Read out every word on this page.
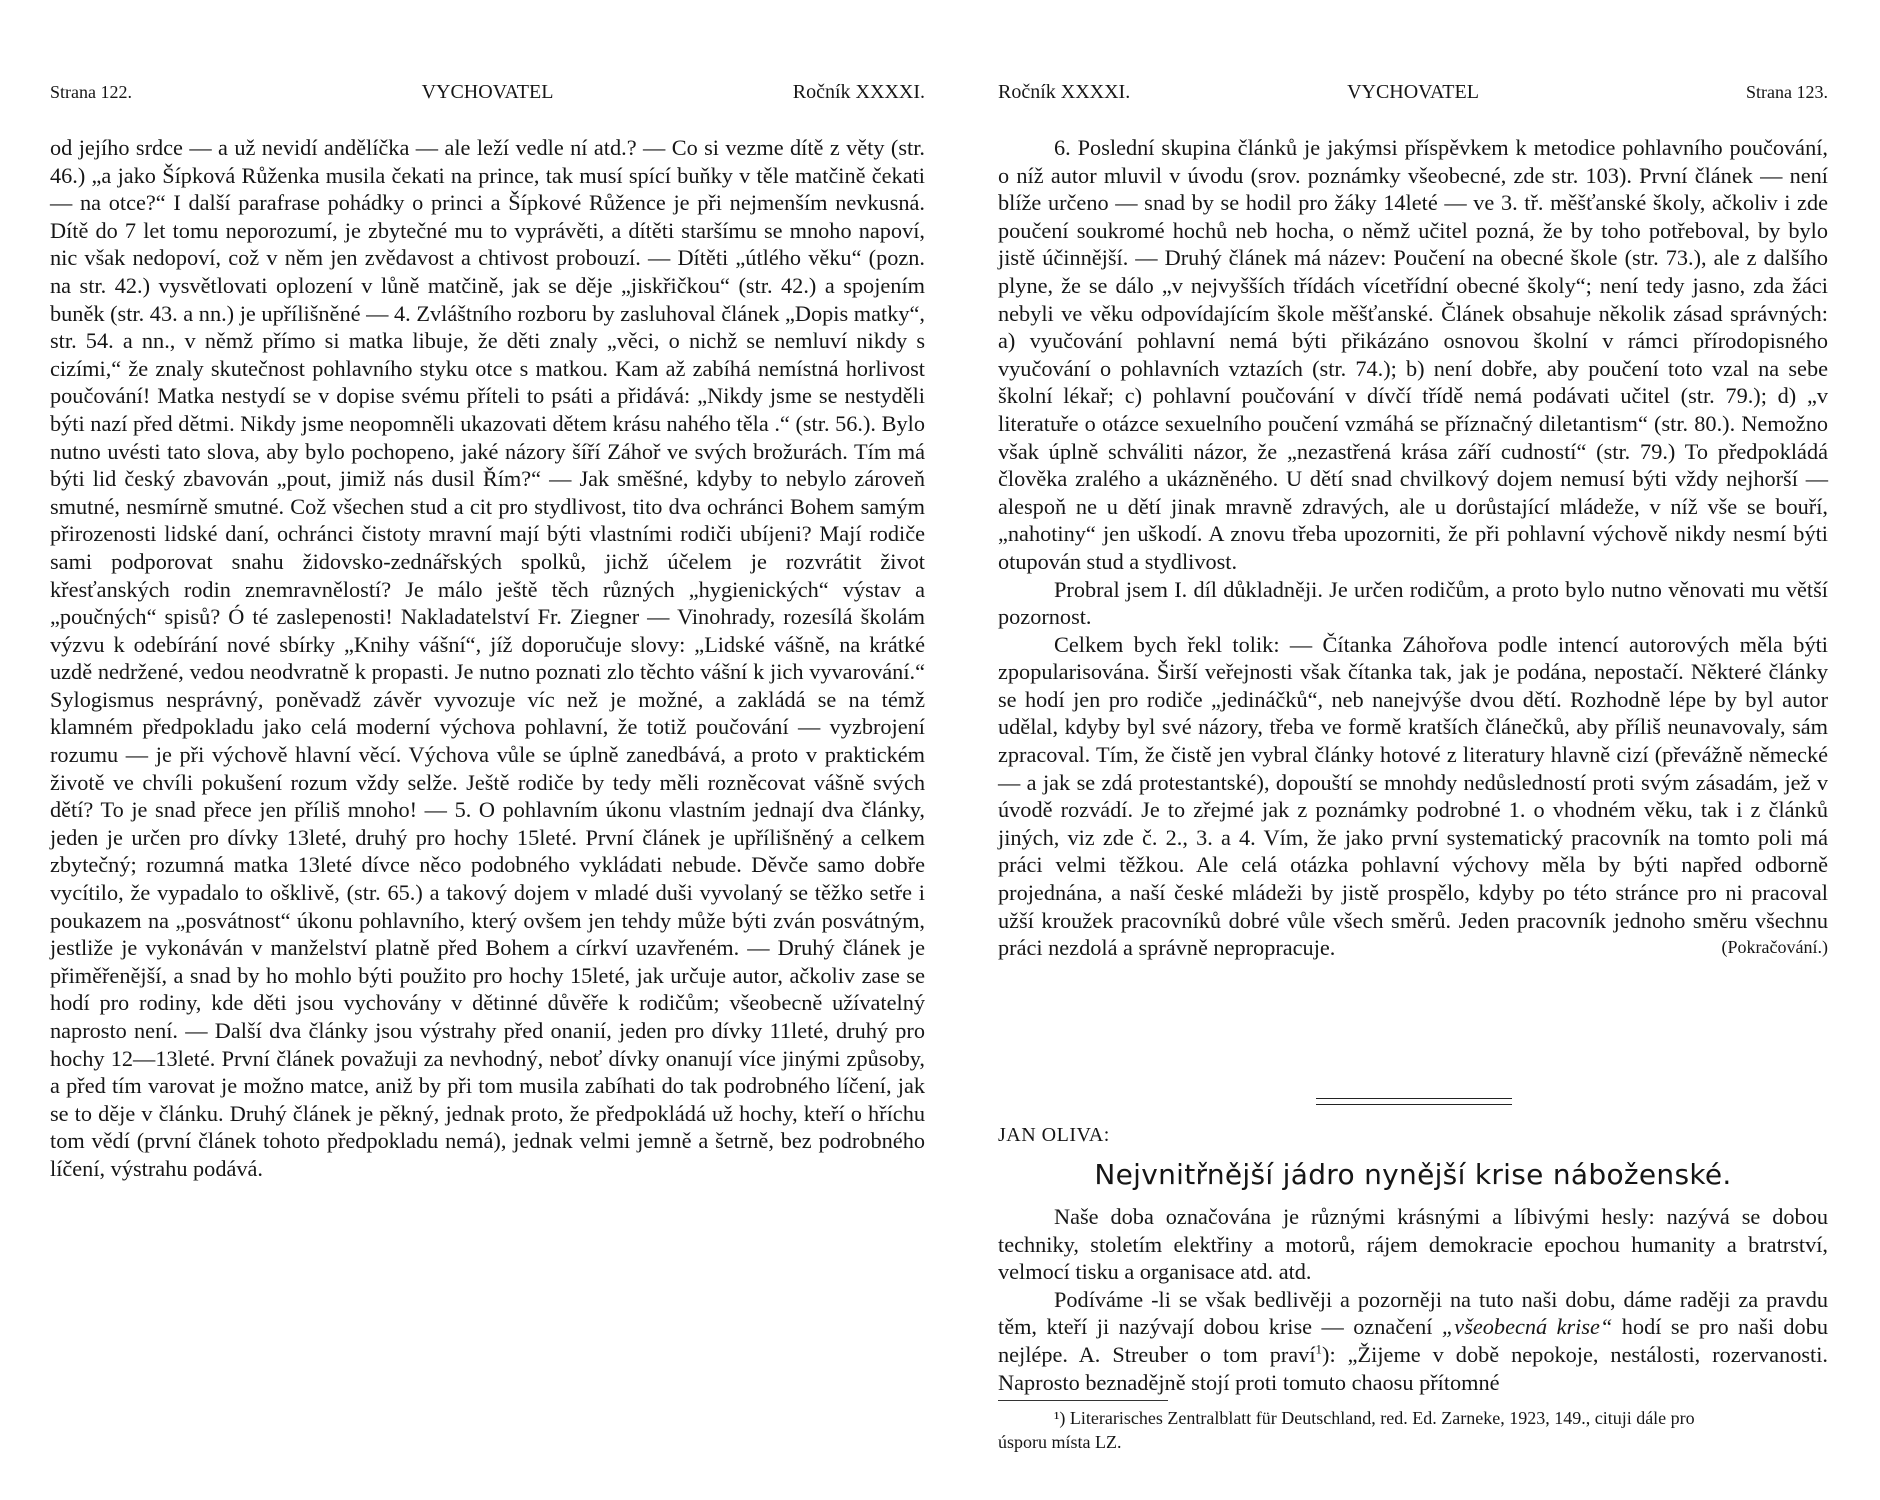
Strana 122.	VYCHOVATEL	Ročník XXXXI.

od jejího srdce — a už nevidí andělíčka — ale leží vedle ní atd.? — Co si vezme dítě z věty (str. 46.) „a jako Šípková Růženka musila čekati na prince, tak musí spící buňky v těle matčině čekati — na otce?“ I další parafrase pohádky o princi a Šípkové Růžence je při nejmenším nevkusná. Dítě do 7 let tomu neporozumí, je zbytečné mu to vyprávěti, a dítěti staršímu se mnoho napoví, nic však nedopoví, což v něm jen zvědavost a chtivost probouzí. — Dítěti „útlého věku“ (pozn. na str. 42.) vysvětlovati oplození v lůně matčině, jak se děje „jiskřičkou“ (str. 42.) a spojením buněk (str. 43. a nn.) je upřílišněné — 4. Zvláštního rozboru by zasluhoval článek „Dopis matky“, str. 54. a nn., v němž přímo si matka libuje, že děti znaly „věci, o nichž se nemluví nikdy s cizími,“ že znaly skutečnost pohlavního styku otce s matkou. Kam až zabíhá nemístná horlivost poučování! Matka nestydí se v dopise svému příteli to psáti a přidává: „Nikdy jsme se nestyděli býti nazí před dětmi. Nikdy jsme neopomněli ukazovati dětem krásu nahého těla .“ (str. 56.). Bylo nutno uvésti tato slova, aby bylo pochopeno, jaké názory šíří Záhoř ve svých brožurách. Tím má býti lid český zbavován „pout, jimiž nás dusil Řím?“ — Jak směšné, kdyby to nebylo zároveň smutné, nesmírně smutné. Což všechen stud a cit pro stydlivost, tito dva ochránci Bohem samým přirozenosti lidské daní, ochránci čistoty mravní mají býti vlastními rodiči ubíjeni? Mají rodiče sami podporovat snahu židovsko-zednářských spolků, jichž účelem je rozvrátit život křesťanských rodin znemravnělostí? Je málo ještě těch různých „hygienických“ výstav a „poučných“ spisů? Ó té zaslepenosti! Nakladatelství Fr. Ziegner — Vinohrady, rozesílá školám výzvu k odebírání nové sbírky „Knihy vášní“, jíž doporučuje slovy: „Lidské vášně, na krátké uzdě nedržené, vedou neodvratně k propasti. Je nutno poznati zlo těchto vášní k jich vyvarování.“ Sylogismus nesprávný, poněvadž závěr vyvozuje víc než je možné, a zakládá se na témž klamném předpokladu jako celá moderní výchova pohlavní, že totiž poučování — vyzbrojení rozumu — je při výchově hlavní věcí. Výchova vůle se úplně zanedbává, a proto v praktickém životě ve chvíli pokušení rozum vždy selže. Ještě rodiče by tedy měli rozněcovat vášně svých dětí? To je snad přece jen příliš mnoho! — 5. O pohlavním úkonu vlastním jednají dva články, jeden je určen pro dívky 13leté, druhý pro hochy 15leté. První článek je upřílišněný a celkem zbytečný; rozumná matka 13leté dívce něco podobného vykládati nebude. Děvče samo dobře vycítilo, že vypadalo to ošklivě, (str. 65.) a takový dojem v mladé duši vyvolaný se těžko setře i poukazem na „posvátnost“ úkonu pohlavního, který ovšem jen tehdy může býti zván posvátným, jestliže je vykonáván v manželství platně před Bohem a církví uzavřeném. — Druhý článek je přiměřenější, a snad by ho mohlo býti použito pro hochy 15leté, jak určuje autor, ačkoliv zase se hodí pro rodiny, kde děti jsou vychovány v dětinné důvěře k rodičům; všeobecně užívatelný naprosto není. — Další dva články jsou výstrahy před onanií, jeden pro dívky 11leté, druhý pro hochy 12—13leté. První článek považuji za nevhodný, neboť dívky onanují více jinými způsoby, a před tím varovat je možno matce, aniž by při tom musila zabíhati do tak podrobného líčení, jak se to děje v článku. Druhý článek je pěkný, jednak proto, že předpokládá už hochy, kteří o hříchu tom vědí (první článek tohoto předpokladu nemá), jednak velmi jemně a šetrně, bez podrobného líčení, výstrahu podává.

Ročník XXXXI.	VYCHOVATEL	Strana 123.

6. Poslední skupina článků je jakýmsi příspěvkem k metodice pohlavního poučování, o níž autor mluvil v úvodu (srov. poznámky všeobecné, zde str. 103). První článek — není blíže určeno — snad by se hodil pro žáky 14leté — ve 3. tř. měšťanské školy, ačkoliv i zde poučení soukromé hochů neb hocha, o němž učitel pozná, že by toho potřeboval, by bylo jistě účinnější. — Druhý článek má název: Poučení na obecné škole (str. 73.), ale z dalšího plyne, že se dálo „v nejvyšších třídách vícetřídní obecné školy“; není tedy jasno, zda žáci nebyli ve věku odpovídajícím škole měšťanské. Článek obsahuje několik zásad správných: a) vyučování pohlavní nemá býti přikázáno osnovou školní v rámci přírodopisného vyučování o pohlavních vztazích (str. 74.); b) není dobře, aby poučení toto vzal na sebe školní lékař; c) pohlavní poučování v dívčí třídě nemá podávati učitel (str. 79.); d) „v literatuře o otázce sexuelního poučení vzmáhá se příznačný diletantism“ (str. 80.). Nemožno však úplně schváliti názor, že „nezastřená krása září cudností“ (str. 79.) To předpokládá člověka zralého a ukázněného. U dětí snad chvilkový dojem nemusí býti vždy nejhorší — alespoň ne u dětí jinak mravně zdravých, ale u dorůstající mládeže, v níž vše se bouří, „nahotiny“ jen uškodí. A znovu třeba upozorniti, že při pohlavní výchově nikdy nesmí býti otupován stud a stydlivost.

Probral jsem I. díl důkladněji. Je určen rodičům, a proto bylo nutno věnovati mu větší pozornost.

Celkem bych řekl tolik: — Čítanka Záhořova podle intencí autorových měla býti zpopularisována. Širší veřejnosti však čítanka tak, jak je podána, nepostačí. Některé články se hodí jen pro rodiče „jedináčků“, neb nanejvýše dvou dětí. Rozhodně lépe by byl autor udělal, kdyby byl své názory, třeba ve formě kratších článečků, aby příliš neunavovaly, sám zpracoval. Tím, že čistě jen vybral články hotové z literatury hlavně cizí (převážně německé — a jak se zdá protestantské), dopouští se mnohdy nedůsledností proti svým zásadám, jež v úvodě rozvádí. Je to zřejmé jak z poznámky podrobné 1. o vhodném věku, tak i z článků jiných, viz zde č. 2., 3. a 4. Vím, že jako první systematický pracovník na tomto poli má práci velmi těžkou. Ale celá otázka pohlavní výchovy měla by býti napřed odborně projednána, a naší české mládeži by jistě prospělo, kdyby po této stránce pro ni pracoval užší kroužek pracovníků dobré vůle všech směrů. Jeden pracovník jednoho směru všechnu práci nezdolá a správně nepropracuje.	(Pokračování.)

JAN OLIVA:
Nejvnitřnější jádro nynější krise náboženské.

Naše doba označována je různými krásnými a líbivými hesly: nazývá se dobou techniky, stoletím elektřiny a motorů, rájem demokracie epochou humanity a bratrství, velmocí tisku a organisace atd. atd.

Podíváme -li se však bedlivěji a pozorněji na tuto naši dobu, dáme raději za pravdu těm, kteří ji nazývají dobou krise — označení „všeobecná krise“ hodí se pro naši dobu nejlépe. A. Streuber o tom praví$^1$): „Žijeme v době nepokoje, nestálosti, rozervanosti. Naprosto beznadějně stojí proti tomuto chaosu přítomné

¹) Literarisches Zentralblatt für Deutschland, red. Ed. Zarneke, 1923, 149., cituji dále pro
úsporu místa LZ.
